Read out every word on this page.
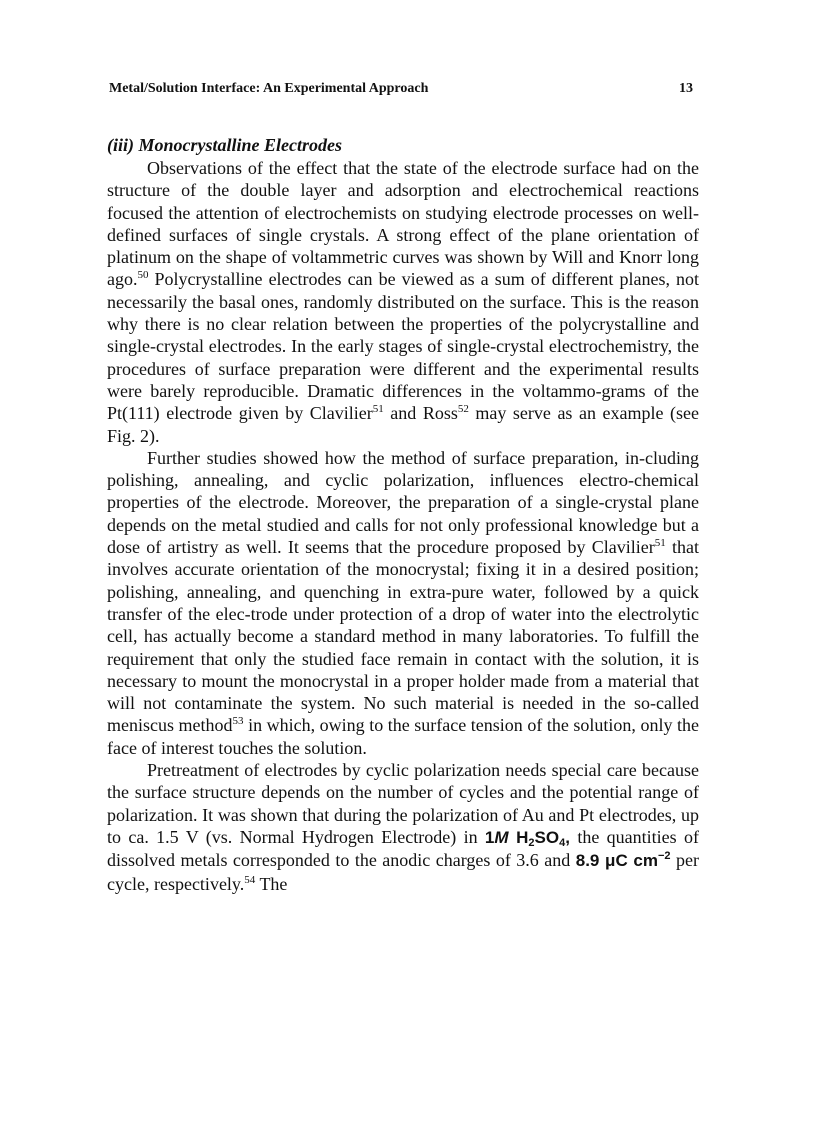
Metal/Solution Interface: An Experimental Approach	13
(iii) Monocrystalline Electrodes

Observations of the effect that the state of the electrode surface had on the structure of the double layer and adsorption and electrochemical reactions focused the attention of electrochemists on studying electrode processes on well-defined surfaces of single crystals. A strong effect of the plane orientation of platinum on the shape of voltammetric curves was shown by Will and Knorr long ago.$^{50}$ Polycrystalline electrodes can be viewed as a sum of different planes, not necessarily the basal ones, randomly distributed on the surface. This is the reason why there is no clear relation between the properties of the polycrystalline and single-crystal electrodes. In the early stages of single-crystal electrochemistry, the procedures of surface preparation were different and the experimental results were barely reproducible. Dramatic differences in the voltammo-grams of the Pt(111) electrode given by Clavilier$^{51}$ and Ross$^{52}$ may serve as an example (see Fig. 2).

Further studies showed how the method of surface preparation, in-cluding polishing, annealing, and cyclic polarization, influences electro-chemical properties of the electrode. Moreover, the preparation of a single-crystal plane depends on the metal studied and calls for not only professional knowledge but a dose of artistry as well. It seems that the procedure proposed by Clavilier$^{51}$ that involves accurate orientation of the monocrystal; fixing it in a desired position; polishing, annealing, and quenching in extra-pure water, followed by a quick transfer of the elec-trode under protection of a drop of water into the electrolytic cell, has actually become a standard method in many laboratories. To fulfill the requirement that only the studied face remain in contact with the solution, it is necessary to mount the monocrystal in a proper holder made from a material that will not contaminate the system. No such material is needed in the so-called meniscus method$^{53}$ in which, owing to the surface tension of the solution, only the face of interest touches the solution.

Pretreatment of electrodes by cyclic polarization needs special care because the surface structure depends on the number of cycles and the potential range of polarization. It was shown that during the polarization of Au and Pt electrodes, up to ca. 1.5 V (vs. Normal Hydrogen Electrode) in 1M $H_2SO_4$, the quantities of dissolved metals corresponded to the anodic charges of 3.6 and 8.9 μC $cm^{-2}$ per cycle, respectively.$^{54}$ The
